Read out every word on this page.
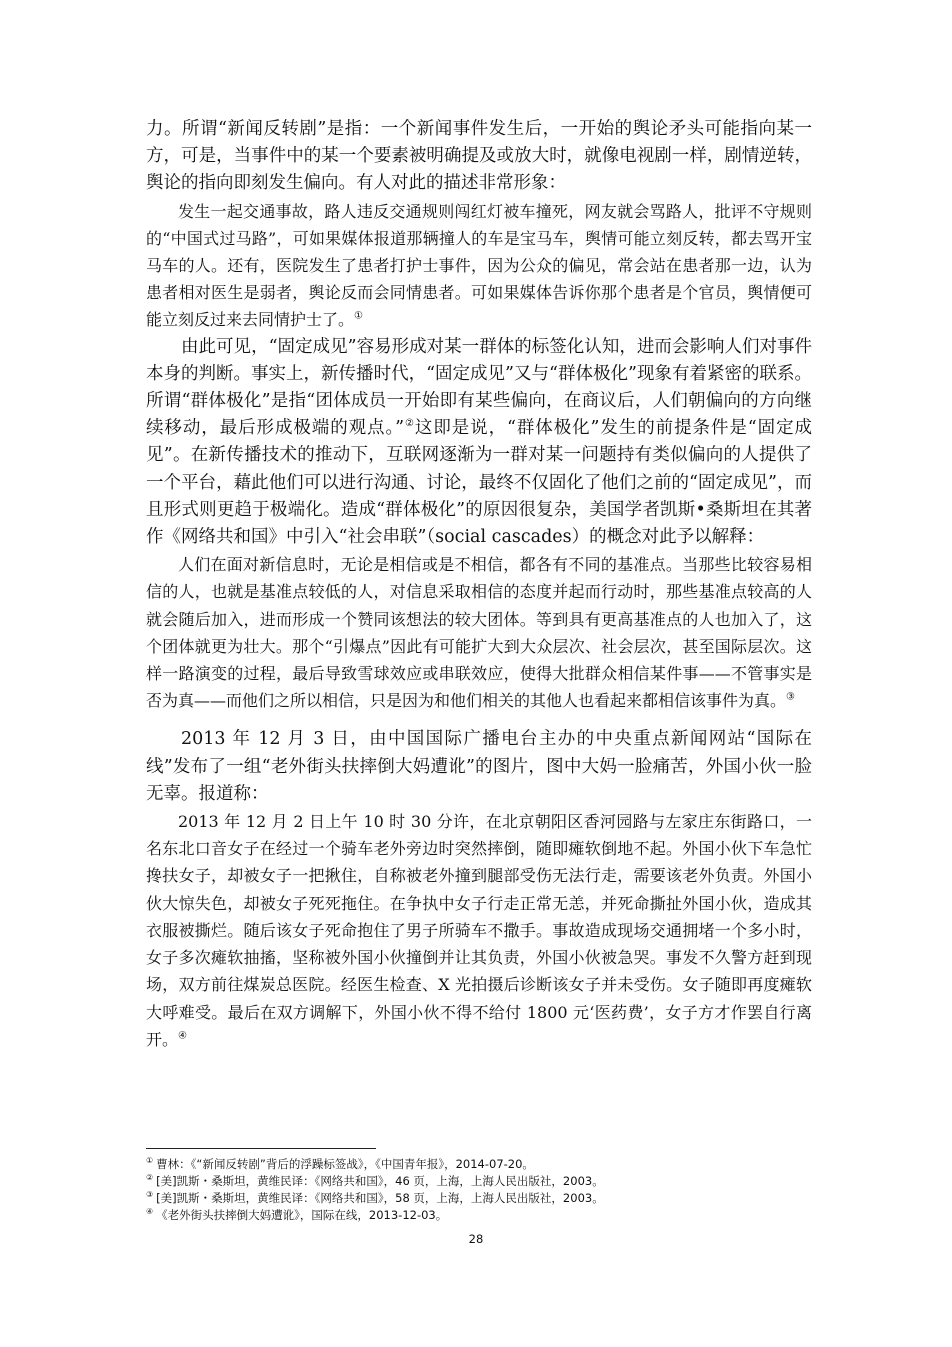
力。所谓“新闻反转剧”是指：一个新闻事件发生后，一开始的舆论矛头可能指向某一方，可是，当事件中的某一个要素被明确提及或放大时，就像电视剧一样，剧情逆转，舆论的指向即刻发生偏向。有人对此的描述非常形象：

发生一起交通事故，路人违反交通规则闯红灯被车撞死，网友就会骂路人，批评不守规则的“中国式过马路”，可如果媒体报道那辆撞人的车是宝马车，舆情可能立刻反转，都去骂开宝马车的人。还有，医院发生了患者打护士事件，因为公众的偏见，常会站在患者那一边，认为患者相对医生是弱者，舆论反而会同情患者。可如果媒体告诉你那个患者是个官员，舆情便可能立刻反过来去同情护士了。①

由此可见，“固定成见”容易形成对某一群体的标签化认知，进而会影响人们对事件本身的判断。事实上，新传播时代，“固定成见”又与“群体极化”现象有着紧密的联系。所谓“群体极化”是指“团体成员一开始即有某些偏向，在商议后，人们朝偏向的方向继续移动，最后形成极端的观点。”②这即是说，“群体极化”发生的前提条件是“固定成见”。在新传播技术的推动下，互联网逐渐为一群对某一问题持有类似偏向的人提供了一个平台，藉此他们可以进行沟通、讨论，最终不仅固化了他们之前的“固定成见”，而且形式则更趋于极端化。造成“群体极化”的原因很复杂，美国学者凯斯•桑斯坦在其著作《网络共和国》中引入“社会串联”（social cascades）的概念对此予以解释：

人们在面对新信息时，无论是相信或是不相信，都各有不同的基准点。当那些比较容易相信的人，也就是基准点较低的人，对信息采取相信的态度并起而行动时，那些基准点较高的人就会随后加入，进而形成一个赞同该想法的较大团体。等到具有更高基准点的人也加入了，这个团体就更为壮大。那个“引爆点”因此有可能扩大到大众层次、社会层次，甚至国际层次。这样一路演变的过程，最后导致雪球效应或串联效应，使得大批群众相信某件事——不管事实是否为真——而他们之所以相信，只是因为和他们相关的其他人也看起来都相信该事件为真。③

2013 年 12 月 3 日，由中国国际广播电台主办的中央重点新闻网站“国际在线”发布了一组“老外街头扶摔倒大妈遭讹”的图片，图中大妈一脸痛苦，外国小伙一脸无辜。报道称：

2013 年 12 月 2 日上午 10 时 30 分许，在北京朝阳区香河园路与左家庄东街路口，一名东北口音女子在经过一个骑车老外旁边时突然摔倒，随即瘫软倒地不起。外国小伙下车急忙搀扶女子，却被女子一把揪住，自称被老外撞到腿部受伤无法行走，需要该老外负责。外国小伙大惊失色，却被女子死死拖住。在争执中女子行走正常无恙，并死命撕扯外国小伙，造成其衣服被撕烂。随后该女子死命抱住了男子所骑车不撒手。事故造成现场交通拥堵一个多小时，女子多次瘫软抽搐，坚称被外国小伙撞倒并让其负责，外国小伙被急哭。事发不久警方赶到现场，双方前往煤炭总医院。经医生检查、X 光拍摄后诊断该女子并未受伤。女子随即再度瘫软大呼难受。最后在双方调解下，外国小伙不得不给付 1800 元‘医药费’，女子方才作罢自行离开。④

① 曹林：《“新闻反转剧”背后的浮躁标签战》，《中国青年报》，2014-07-20。
② [美]凯斯・桑斯坦，黄维民译：《网络共和国》，46 页，上海，上海人民出版社，2003。
③ [美]凯斯・桑斯坦，黄维民译：《网络共和国》，58 页，上海，上海人民出版社，2003。
④ 《老外街头扶摔倒大妈遭讹》，国际在线，2013-12-03。
28
